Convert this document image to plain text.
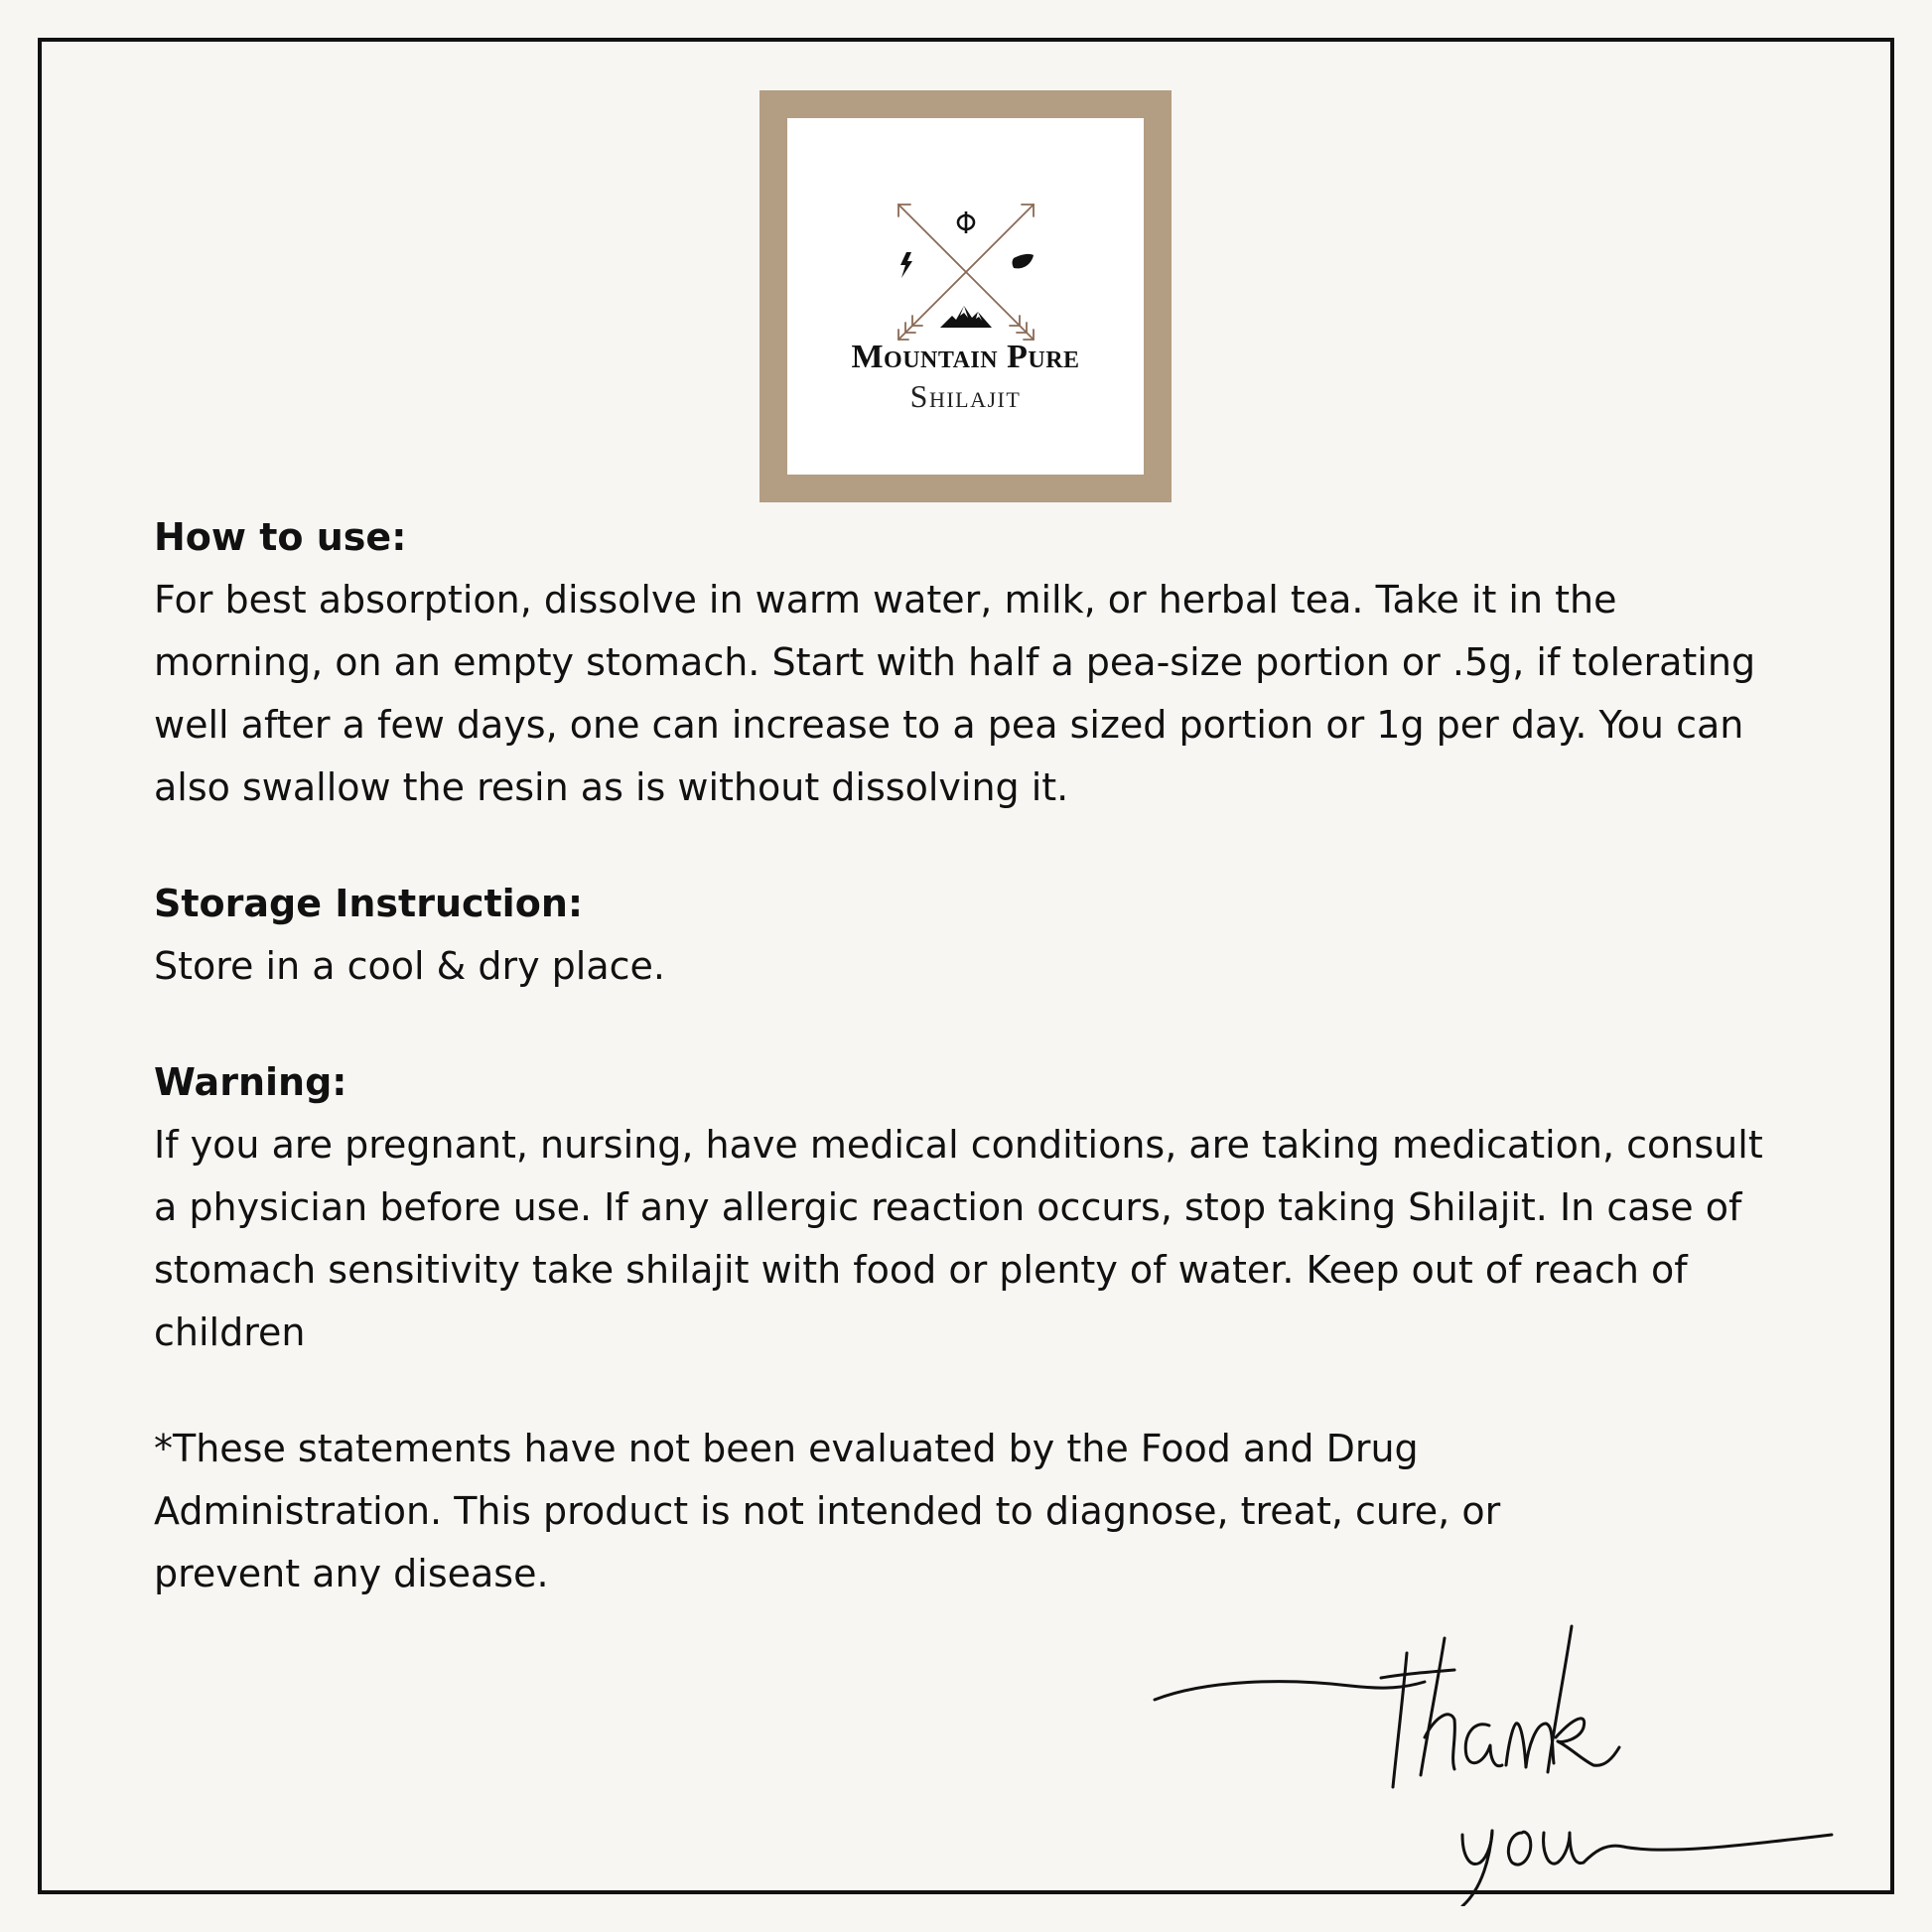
Mountain Pure
Shilajit

How to use:

For best absorption, dissolve in warm water, milk, or herbal tea. Take it in the morning, on an empty stomach. Start with half a pea-size portion or .5g, if tolerating well after a few days, one can increase to a pea sized portion or 1g per day. You can also swallow the resin as is without dissolving it.

Storage Instruction:

Store in a cool & dry place.

Warning:

If you are pregnant, nursing, have medical conditions, are taking medication, consult a physician before use. If any allergic reaction occurs, stop taking Shilajit. In case of stomach sensitivity take shilajit with food or plenty of water. Keep out of reach of
children

*These statements have not been evaluated by the Food and Drug Administration. This product is not intended to diagnose, treat, cure, or prevent any disease.
